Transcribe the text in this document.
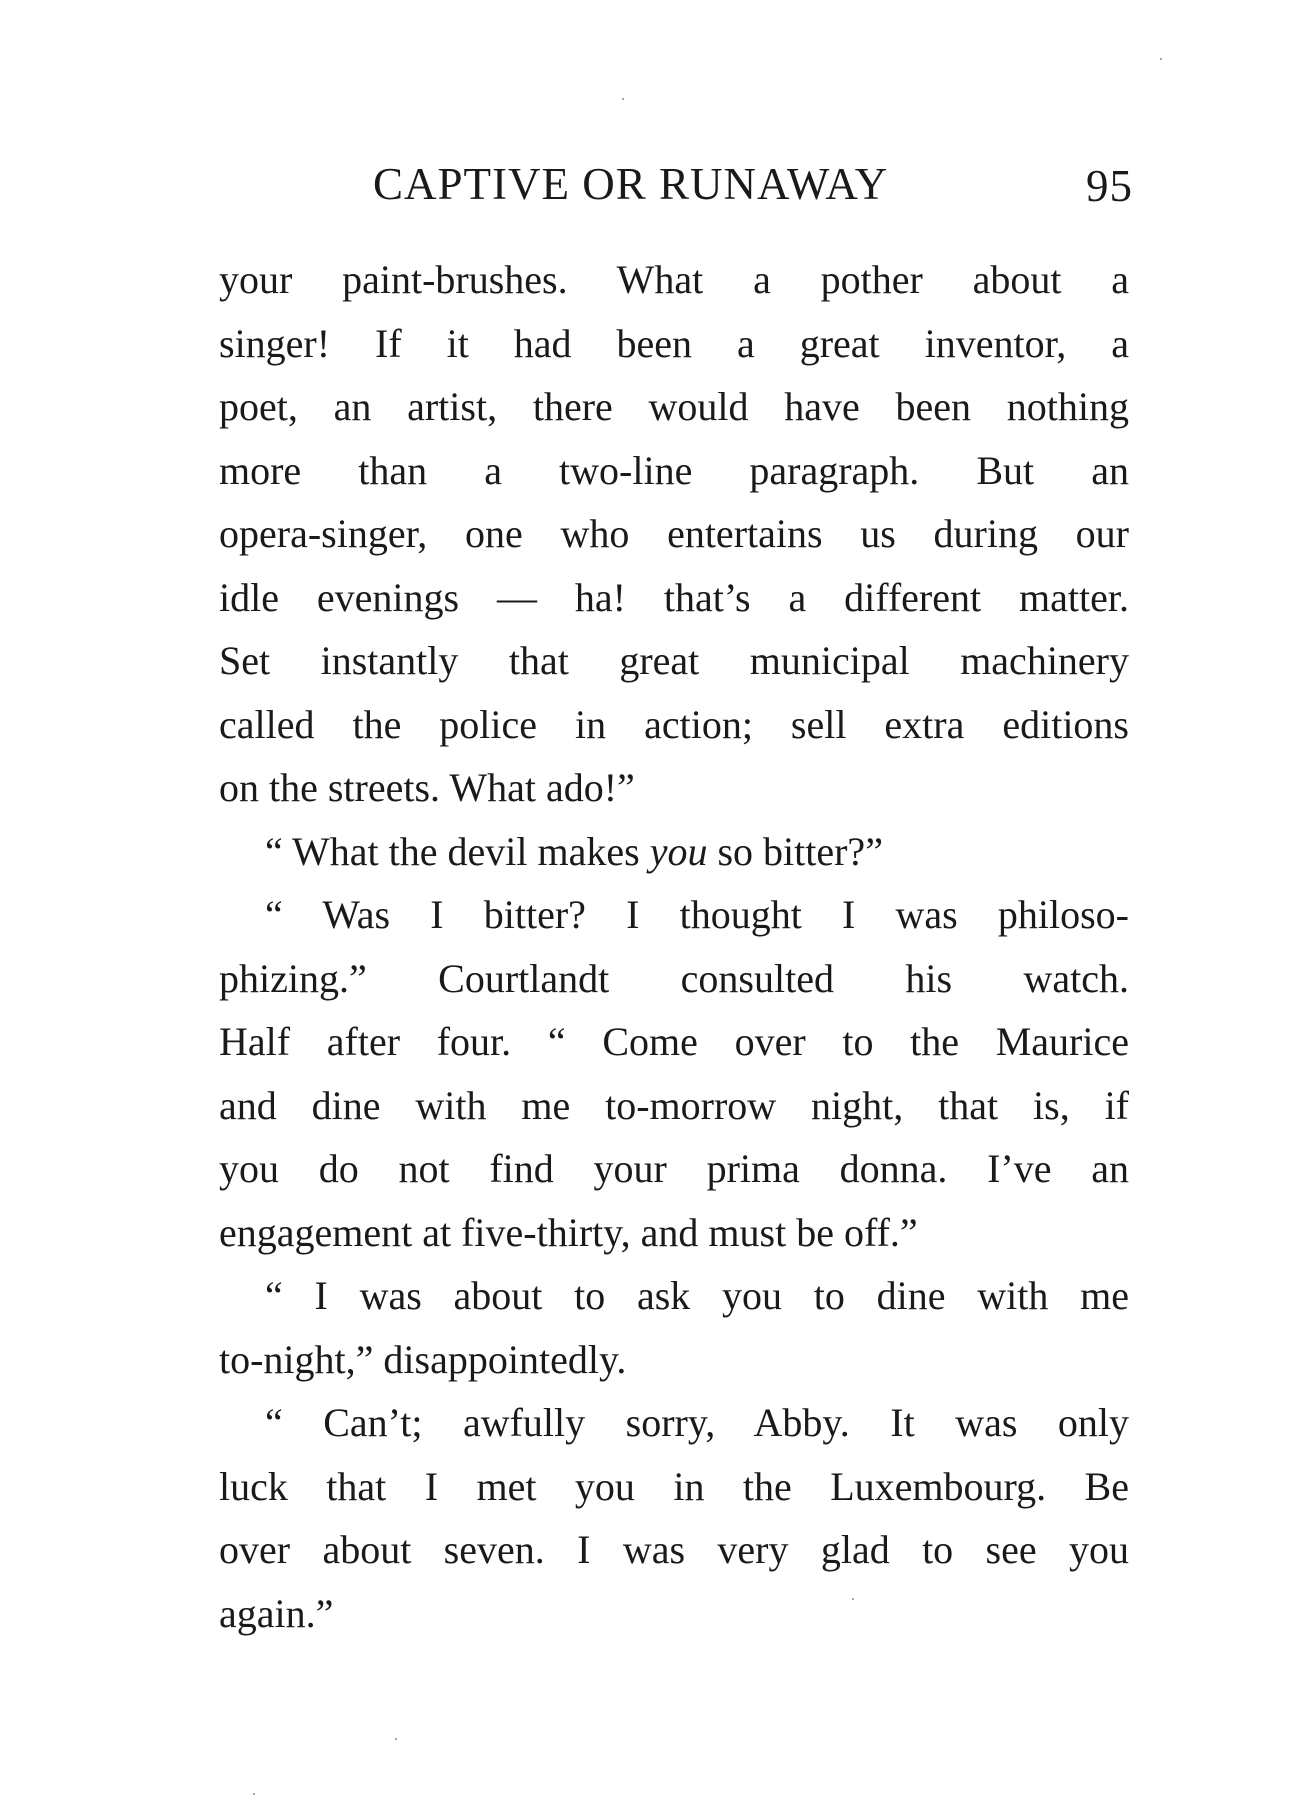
CAPTIVE OR RUNAWAY	95
your paint-brushes. What a pother about a
singer! If it had been a great inventor, a
poet, an artist, there would have been nothing
more than a two-line paragraph. But an
opera-singer, one who entertains us during our
idle evenings — ha! that’s a different matter.
Set instantly that great municipal machinery
called the police in action; sell extra editions
on the streets. What ado!”
“ What the devil makes you so bitter?”
“ Was I bitter? I thought I was philoso-
phizing.” Courtlandt consulted his watch.
Half after four. “ Come over to the Maurice
and dine with me to-morrow night, that is, if
you do not find your prima donna. I’ve an
engagement at five-thirty, and must be off.”
“ I was about to ask you to dine with me
to-night,” disappointedly.
“ Can’t; awfully sorry, Abby. It was only
luck that I met you in the Luxembourg. Be
over about seven. I was very glad to see you
again.”
